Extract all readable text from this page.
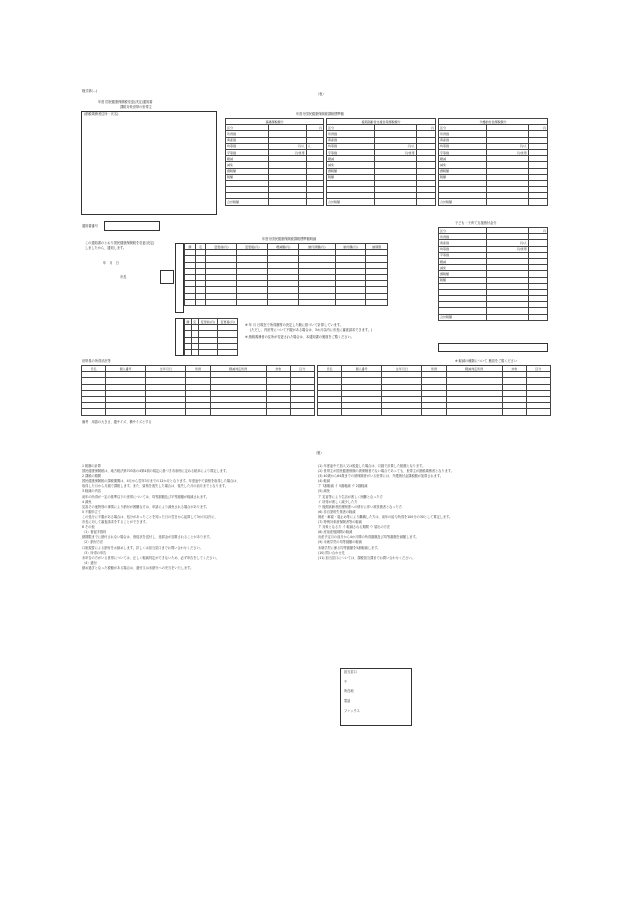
様式第(…)
（表）
年度 国民健康保険税変更(決定)通知書
課税対象世帯の世帯主
(納税義務者住所・氏名)
通知書番号
年度分国民健康保険税課税標準額
基礎課税額分		
区分		円
所得割		
資産割		
均等割	円/人	人
平等割	円/世帯	
軽減		
減免		
課税額		
税額		

合計税額		
後期高齢者支援金等課税額分		
区分		円
所得割		
資産割		
均等割	円/人	
平等割	円/世帯	
軽減		
減免		
課税額		
税額		

合計税額		
介護納付金課税額分		
区分		円
所得割		
資産割		
均等割	円/人	
平等割	円/世帯	
軽減		
減免		
課税額		
税額		

合計税額		
この通知書のとおり国民健康保険税を変更(決定)
しましたから、通知します。
年　月　日
市長
年度分国民健康保険税課税標準額明細
調	定	変更前(円)	変更後(円)	増減額(円)	納付済額(円)	納付額(円)	納期限

調	定	変更前(円)	変更後(円)

※ 年 月 日現在で所得額等の決定した額に基づいて計算しています。
(ただし、内訳等について不服がある場合は、3か月以内に市長に審査請求できます。)
※ 納税義務者の住所が変更された場合は、本通知書の裏面をご覧ください。
子ども・子育て支援納付金分
区分		円
所得割		
資産割	円/人	
均等割	円/世帯	
平等割		
軽減		
減免		
課税額		
税額		

合計税額		
世帯員の所得状況等	※ 軽減の種類について 裏面をご覧ください
氏名	個人番号	生年月日	所得	軽減判定所得	対象	区分

							氏名	個人番号	生年月日	所得	軽減判定所得	対象	区分

備考　用語の大きさ、縦サイズ、横サイズとする
（裏）

1 税額の計算

国民健康保険税は、地方税法第703条の4第4項の規定に基づき市条例に定める税率により算定します。

2 課税の期間

国民健康保険税の課税期間は、4月から翌年3月までの12か月となります。年度途中で資格を取得した場合は、

取得した月から月割で課税します。また、資格を喪失した場合は、喪失した月の前月までとなります。

3 軽減の内容

前年の所得が一定の基準以下の世帯については、均等割額及び平等割額が軽減されます。

4 減免

災害その他特別の事情により納付が困難な方は、申請により減免される場合があります。

5 不服申立て

この処分に不服がある場合は、処分があったことを知った日の翌日から起算して3か月以内に、

市長に対して審査請求をすることができます。

6 その他

（1）督促手数料

納期限までに納付されない場合は、督促状を送付し、延滞金が加算されることがあります。

（2）納付方法

口座振替による納付をお勧めします。詳しくは担当窓口までお問い合わせください。

（3）所得の申告

未申告の方がいる世帯については、正しく軽減判定ができないため、必ず申告をしてください。

（4）還付

納め過ぎとなった税額がある場合は、還付又は未納分への充当をいたします。

(1) 年度途中で加入又は脱退した場合は、月割で計算した税額となります。

(2) 世帯主が国民健康保険の被保険者でない場合であっても、世帯主が納税義務者となります。

(3) 40歳から64歳までの被保険者がいる世帯には、介護納付金課税額が加算されます。

(4) 軽減

ア 7割軽減 イ 5割軽減 ウ 2割軽減

(5) 減免

ア 災害等により生活が著しく困難となった方

イ 所得が著しく減少した方

ウ 後期高齢者医療制度への移行に伴い被扶養者となった方

(6) 非自発的失業者の軽減

倒産・解雇・雇止め等により離職した方は、前年の給与所得を100分の30として算定します。

(7) 特例対象被保険者等の軽減

ア 対象となる方 イ 軽減される期間 ウ 届出の方法

(8) 産前産後期間の軽減

出産予定月の前月から4か月間の所得割額及び均等割額を減額します。

(9) 未就学児の均等割額の軽減

未就学児に係る均等割額を5割軽減します。

(10) 問い合わせ先

(11) 担当窓口については、課税担当課までお問い合わせください。

担当窓口
〒
所在地
電話
ファックス
